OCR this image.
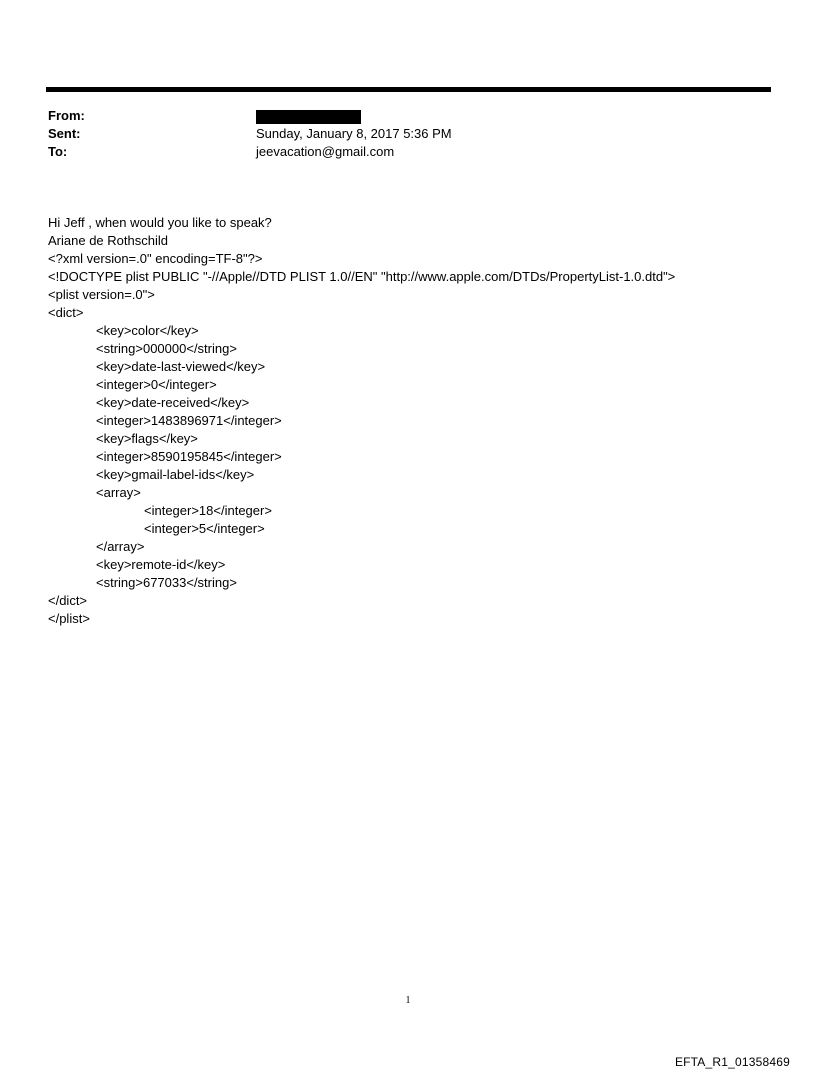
From:
Sent:	Sunday, January 8, 2017 5:36 PM
To:	jeevacation@gmail.com
Hi Jeff , when would you like to speak?
Ariane de Rothschild
<?xml version=.0" encoding=TF-8"?>
<!DOCTYPE plist PUBLIC "-//Apple//DTD PLIST 1.0//EN" "http://www.apple.com/DTDs/PropertyList-1.0.dtd">
<plist version=.0">
<dict>
<key>color</key>
<string>000000</string>
<key>date-last-viewed</key>
<integer>0</integer>
<key>date-received</key>
<integer>1483896971</integer>
<key>flags</key>
<integer>8590195845</integer>
<key>gmail-label-ids</key>
<array>
<integer>18</integer>
<integer>5</integer>
</array>
<key>remote-id</key>
<string>677033</string>
</dict>
</plist>
1
EFTA_R1_01358469
